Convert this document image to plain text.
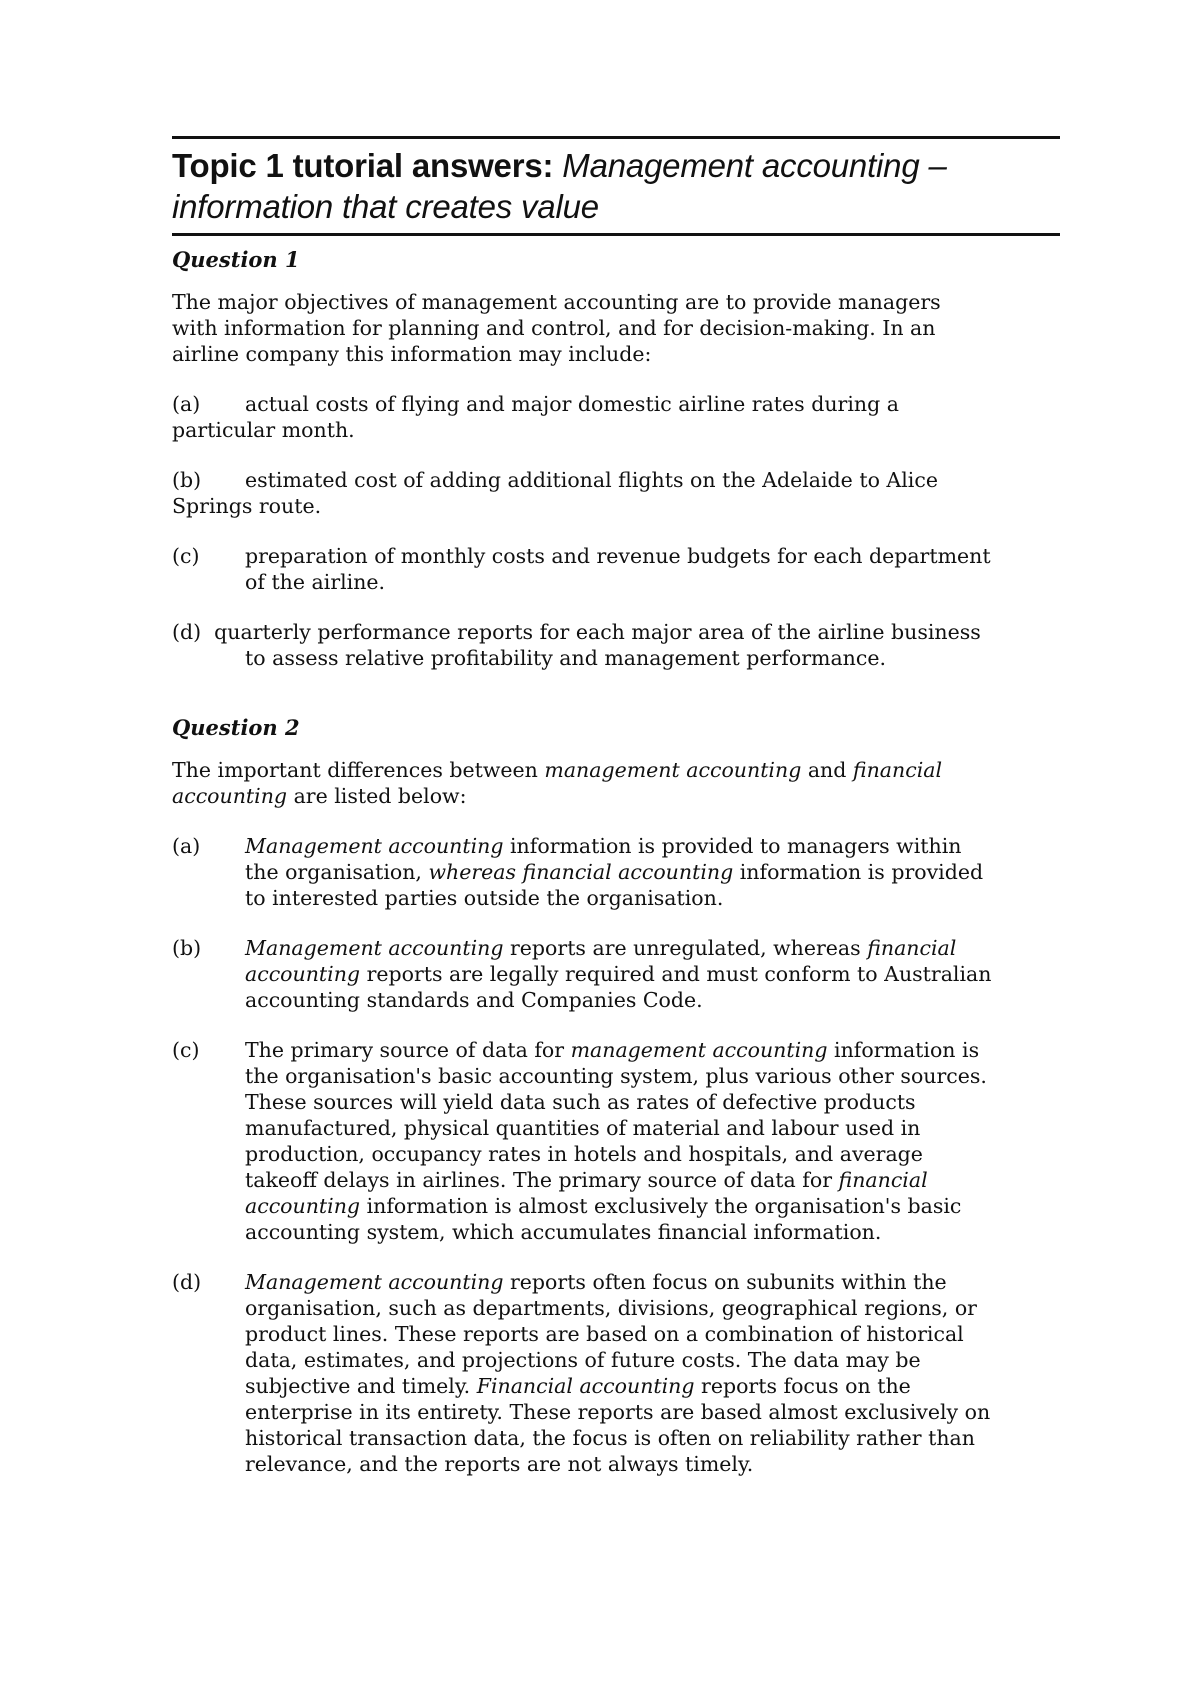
Topic 1 tutorial answers: Management accounting –
information that creates value
Question 1

The major objectives of management accounting are to provide managers
with information for planning and control, and for decision-making. In an
airline company this information may include:

(a) actual costs of flying and major domestic airline rates during a
particular month.

(b) estimated cost of adding additional flights on the Adelaide to Alice
Springs route.

(c) preparation of monthly costs and revenue budgets for each department
of the airline.

(d) quarterly performance reports for each major area of the airline business
to assess relative profitability and management performance.

Question 2

The important differences between management accounting and financial
accounting are listed below:

(a) Management accounting information is provided to managers within
the organisation, whereas financial accounting information is provided
to interested parties outside the organisation.

(b) Management accounting reports are unregulated, whereas financial
accounting reports are legally required and must conform to Australian
accounting standards and Companies Code.

(c) The primary source of data for management accounting information is
the organisation's basic accounting system, plus various other sources.
These sources will yield data such as rates of defective products
manufactured, physical quantities of material and labour used in
production, occupancy rates in hotels and hospitals, and average
takeoff delays in airlines. The primary source of data for financial
accounting information is almost exclusively the organisation's basic
accounting system, which accumulates financial information.

(d) Management accounting reports often focus on subunits within the
organisation, such as departments, divisions, geographical regions, or
product lines. These reports are based on a combination of historical
data, estimates, and projections of future costs. The data may be
subjective and timely. Financial accounting reports focus on the
enterprise in its entirety. These reports are based almost exclusively on
historical transaction data, the focus is often on reliability rather than
relevance, and the reports are not always timely.
